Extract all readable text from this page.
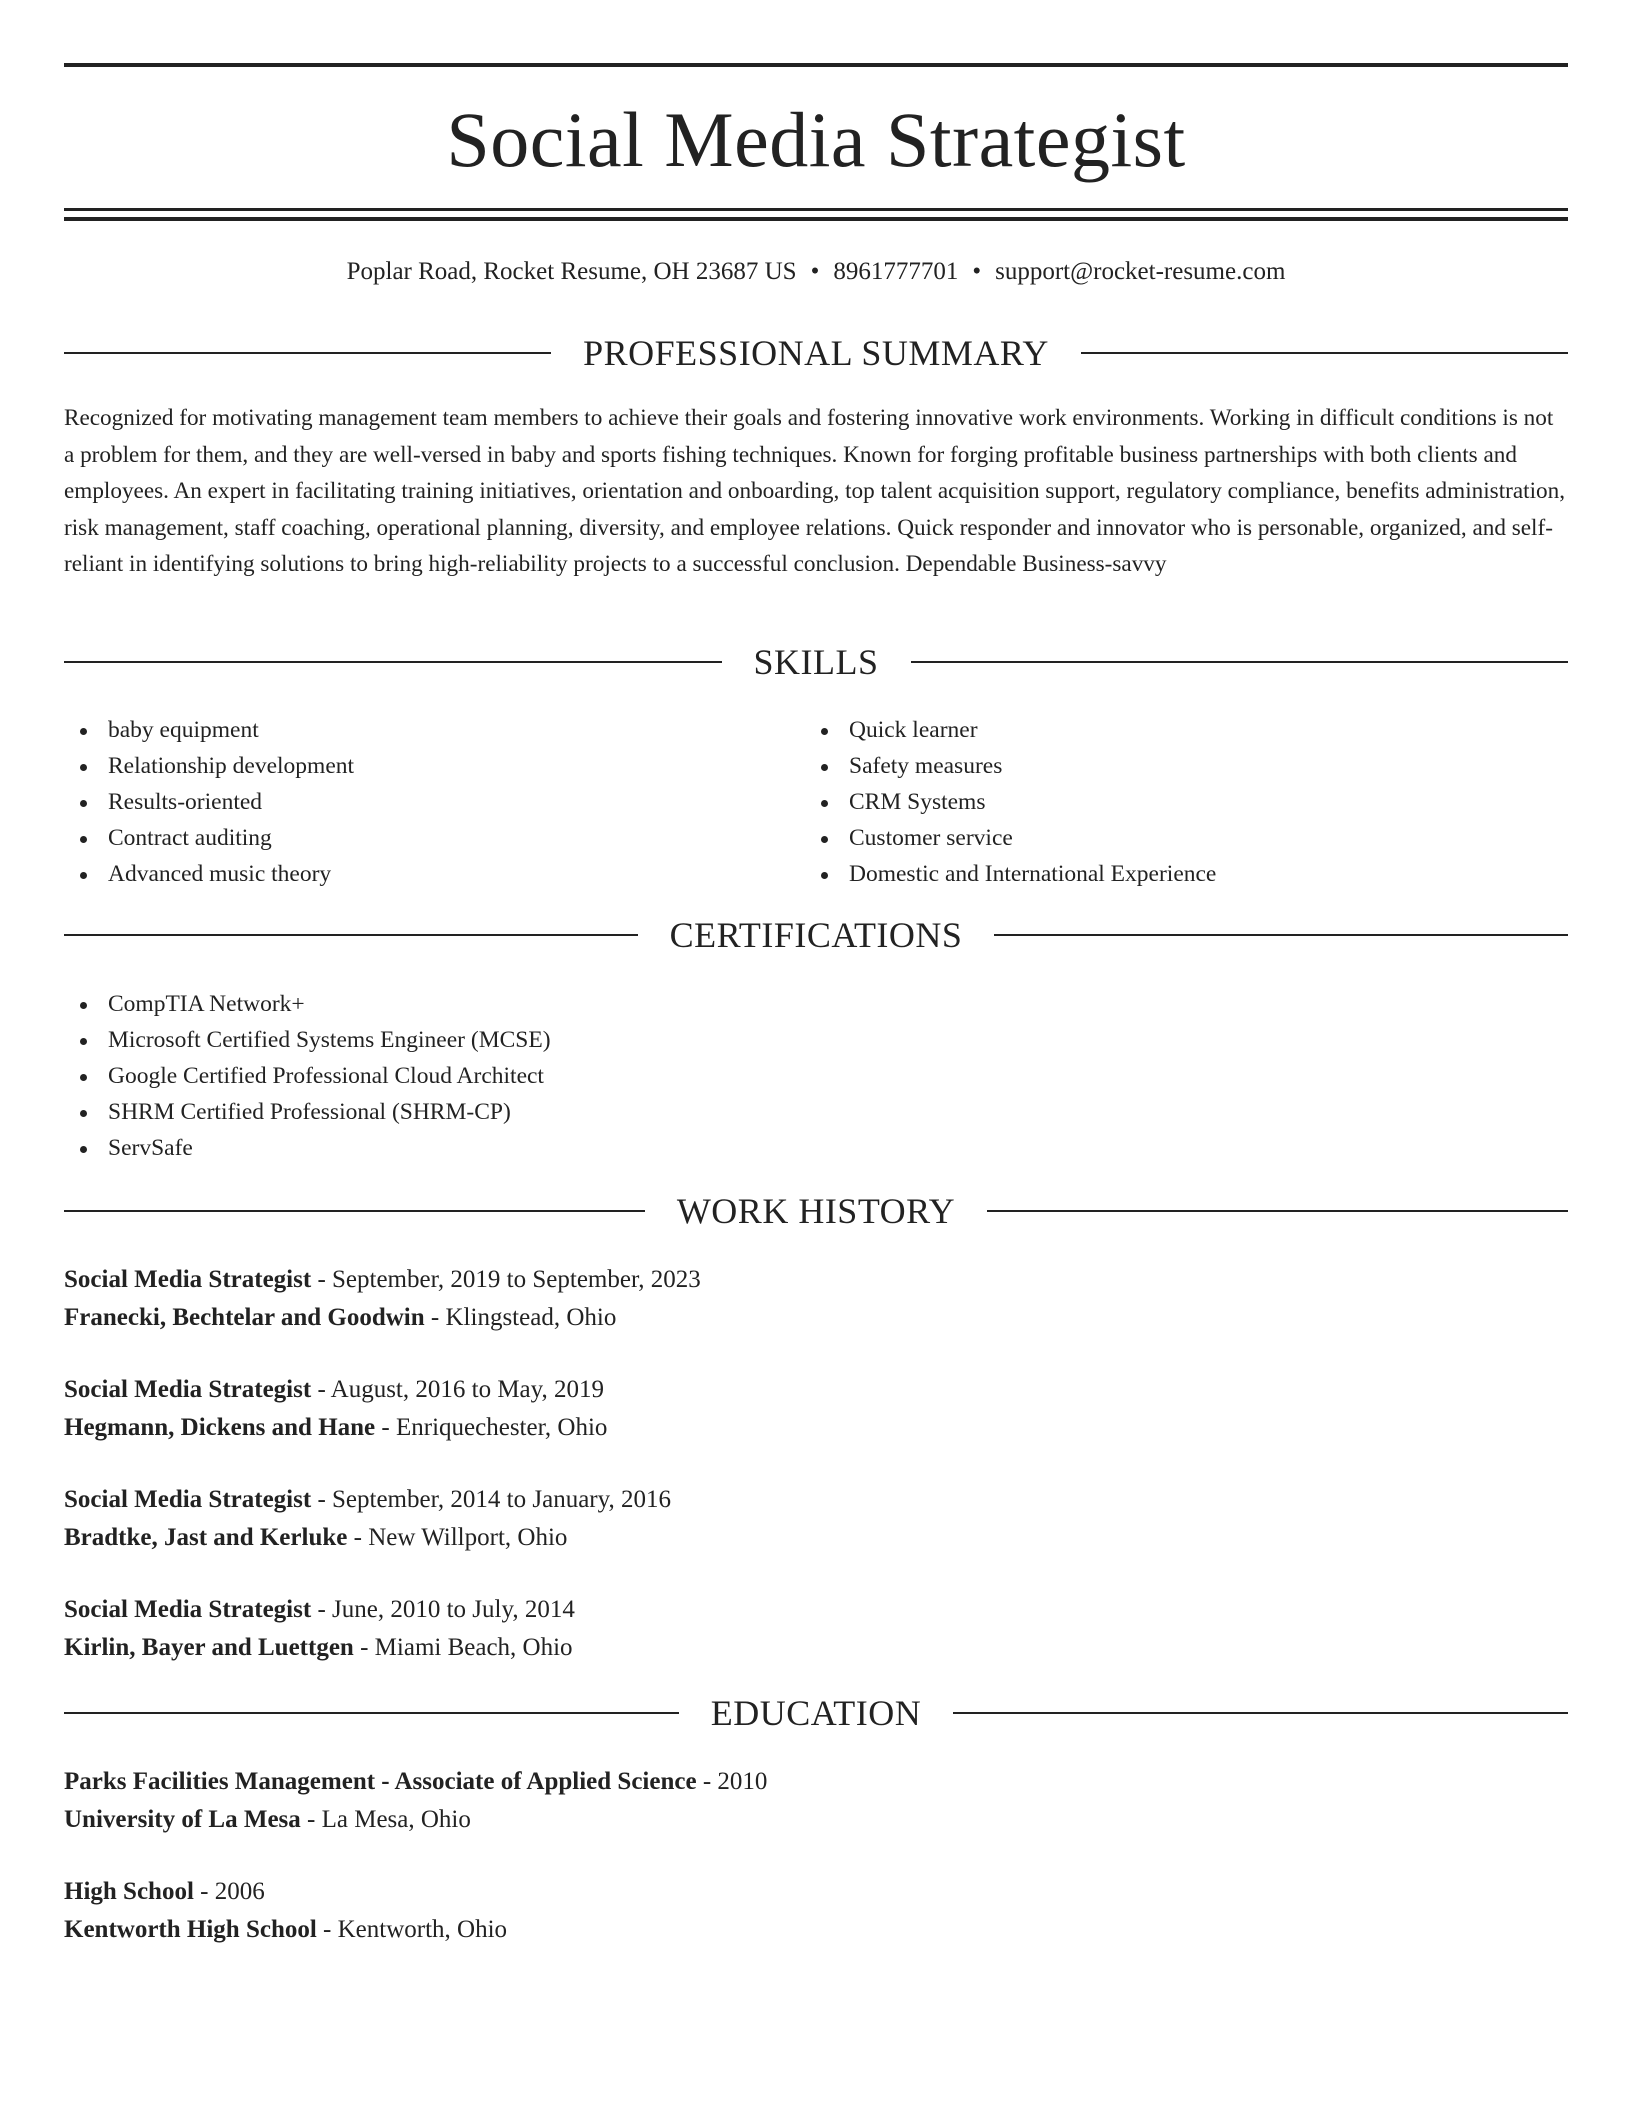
Social Media Strategist
Poplar Road, Rocket Resume, OH 23687 US • 8961777701 • support@rocket-resume.com
PROFESSIONAL SUMMARY

Recognized for motivating management team members to achieve their goals and fostering innovative work environments. Working in difficult conditions is not a problem for them, and they are well-versed in baby and sports fishing techniques. Known for forging profitable business partnerships with both clients and employees. An expert in facilitating training initiatives, orientation and onboarding, top talent acquisition support, regulatory compliance, benefits administration, risk management, staff coaching, operational planning, diversity, and employee relations. Quick responder and innovator who is personable, organized, and self-reliant in identifying solutions to bring high-reliability projects to a successful conclusion. Dependable Business-savvy

SKILLS
baby equipment
Relationship development
Results-oriented
Contract auditing
Advanced music theory
Quick learner
Safety measures
CRM Systems
Customer service
Domestic and International Experience
CERTIFICATIONS
CompTIA Network+
Microsoft Certified Systems Engineer (MCSE)
Google Certified Professional Cloud Architect
SHRM Certified Professional (SHRM-CP)
ServSafe
WORK HISTORY
Social Media Strategist - September, 2019 to September, 2023
Franecki, Bechtelar and Goodwin - Klingstead, Ohio
Social Media Strategist - August, 2016 to May, 2019
Hegmann, Dickens and Hane - Enriquechester, Ohio
Social Media Strategist - September, 2014 to January, 2016
Bradtke, Jast and Kerluke - New Willport, Ohio
Social Media Strategist - June, 2010 to July, 2014
Kirlin, Bayer and Luettgen - Miami Beach, Ohio
EDUCATION
Parks Facilities Management - Associate of Applied Science - 2010
University of La Mesa - La Mesa, Ohio
High School - 2006
Kentworth High School - Kentworth, Ohio
